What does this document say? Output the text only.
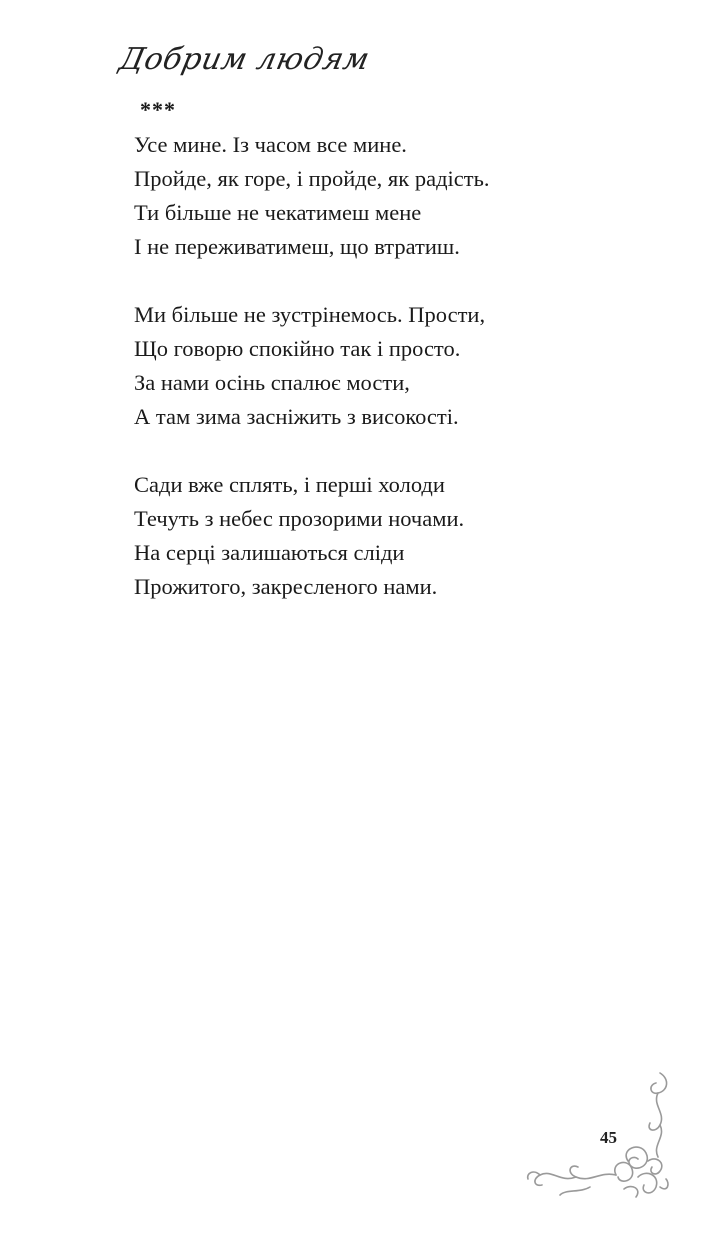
Добрим людям
***
Усе мине. Із часом все мине.
Пройде, як горе, і пройде, як радість.
Ти більше не чекатимеш мене
І не переживатимеш, що втратиш.
Ми більше не зустрінемось. Прости,
Що говорю спокійно так і просто.
За нами осінь спалює мости,
А там зима засніжить з високості.
Сади вже сплять, і перші холоди
Течуть з небес прозорими ночами.
На серці залишаються сліди
Прожитого, закресленого нами.
45
